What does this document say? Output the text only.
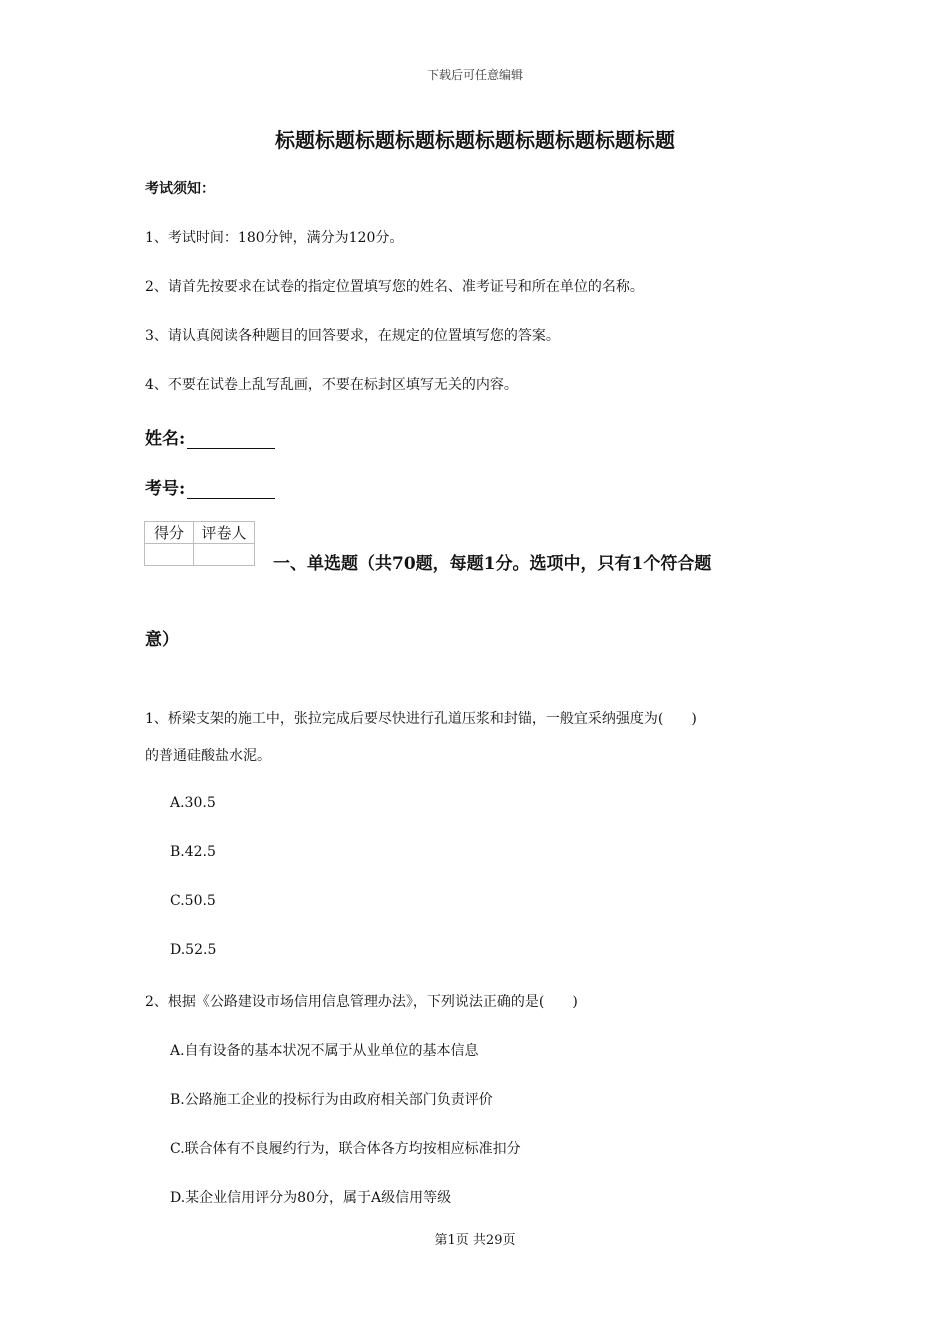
下载后可任意编辑
标题标题标题标题标题标题标题标题标题标题
考试须知：
1、考试时间：180分钟，满分为120分。
2、请首先按要求在试卷的指定位置填写您的姓名、准考证号和所在单位的名称。
3、请认真阅读各种题目的回答要求，在规定的位置填写您的答案。
4、不要在试卷上乱写乱画，不要在标封区填写无关的内容。
姓名:
考号:
得分	评卷人

一、单选题（共70题，每题1分。选项中，只有1个符合题
意）
1、桥梁支架的施工中，张拉完成后要尽快进行孔道压浆和封锚，一般宜采纳强度为(　　)
的普通硅酸盐水泥。
A.30.5
B.42.5
C.50.5
D.52.5
2、根据《公路建设市场信用信息管理办法》，下列说法正确的是(　　)
A.自有设备的基本状况不属于从业单位的基本信息
B.公路施工企业的投标行为由政府相关部门负责评价
C.联合体有不良履约行为，联合体各方均按相应标准扣分
D.某企业信用评分为80分，属于A级信用等级
第1页 共29页
